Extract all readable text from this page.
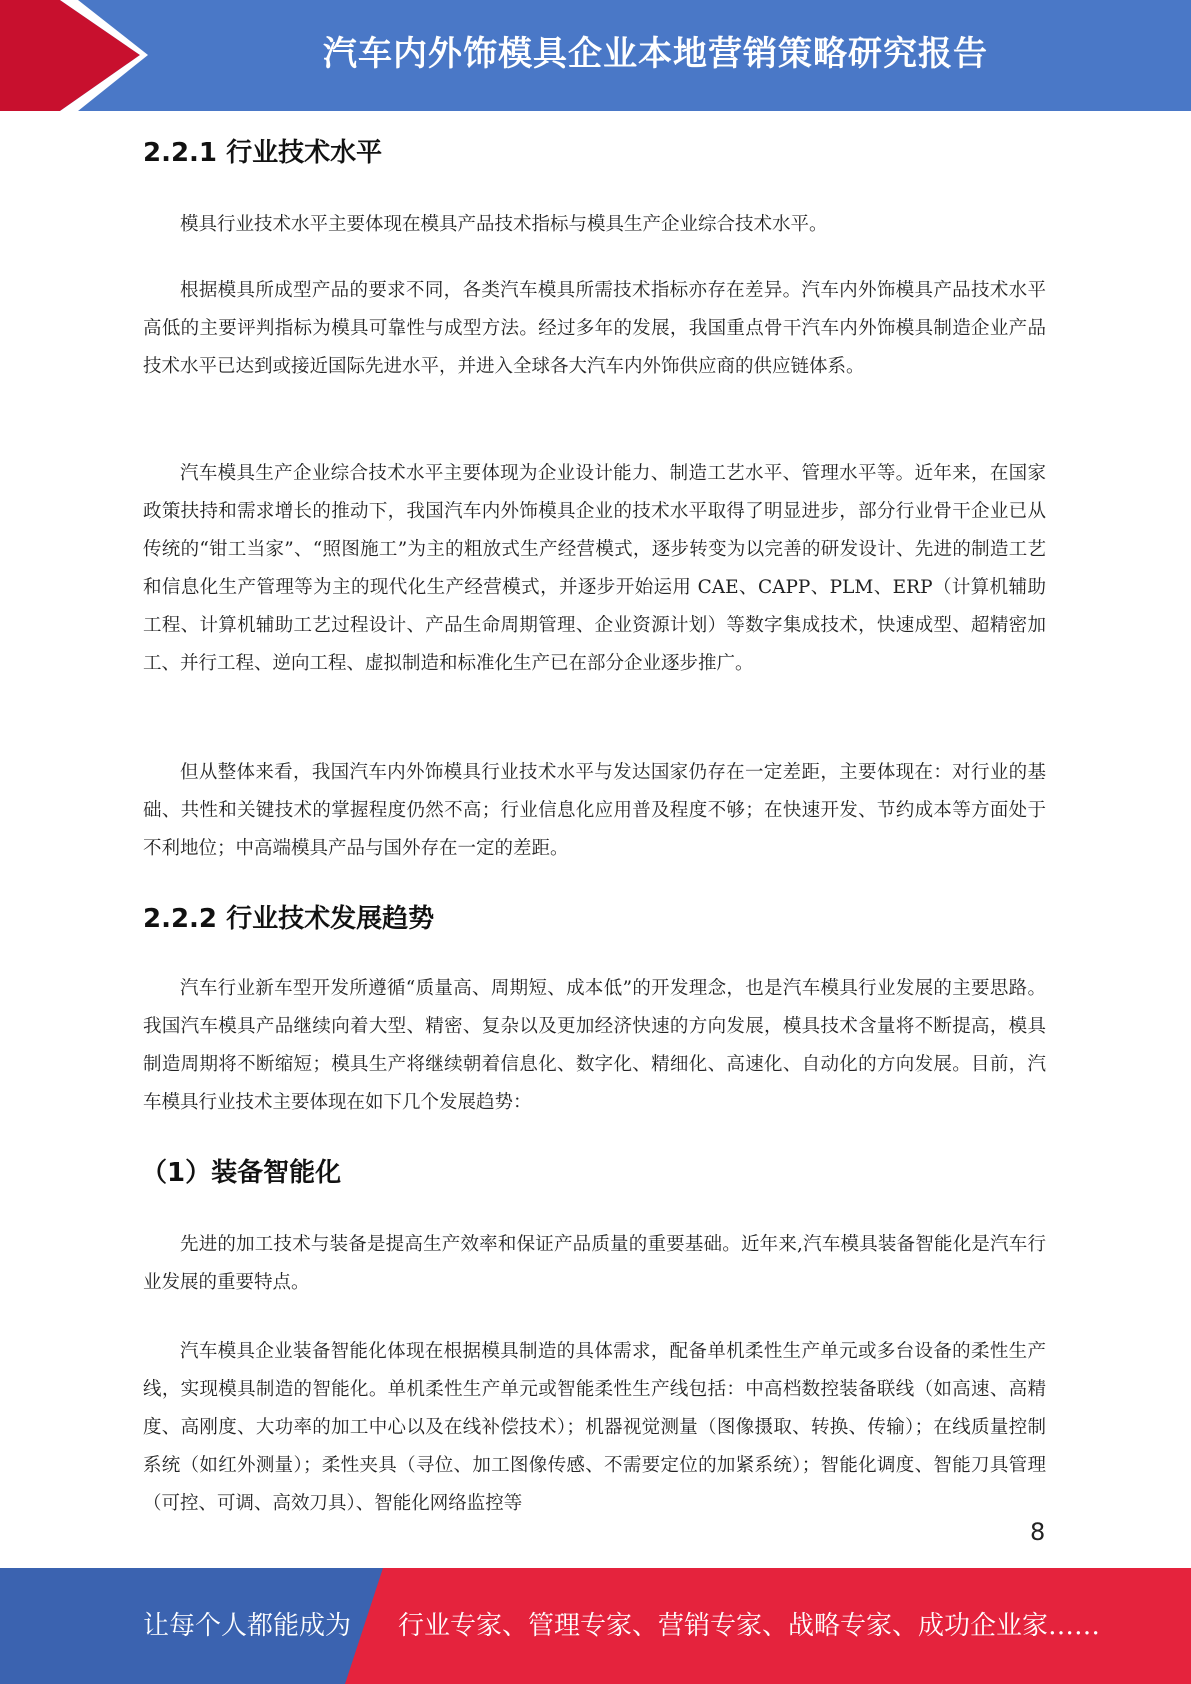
汽车内外饰模具企业本地营销策略研究报告
2.2.1 行业技术水平

模具行业技术水平主要体现在模具产品技术指标与模具生产企业综合技术水平。

根据模具所成型产品的要求不同，各类汽车模具所需技术指标亦存在差异。汽车内外饰模具产品技术水平高低的主要评判指标为模具可靠性与成型方法。经过多年的发展，我国重点骨干汽车内外饰模具制造企业产品技术水平已达到或接近国际先进水平，并进入全球各大汽车内外饰供应商的供应链体系。

汽车模具生产企业综合技术水平主要体现为企业设计能力、制造工艺水平、管理水平等。近年来，在国家政策扶持和需求增长的推动下，我国汽车内外饰模具企业的技术水平取得了明显进步，部分行业骨干企业已从传统的“钳工当家”、“照图施工”为主的粗放式生产经营模式，逐步转变为以完善的研发设计、先进的制造工艺和信息化生产管理等为主的现代化生产经营模式，并逐步开始运用 CAE、CAPP、PLM、ERP（计算机辅助工程、计算机辅助工艺过程设计、产品生命周期管理、企业资源计划）等数字集成技术，快速成型、超精密加工、并行工程、逆向工程、虚拟制造和标准化生产已在部分企业逐步推广。

但从整体来看，我国汽车内外饰模具行业技术水平与发达国家仍存在一定差距，主要体现在：对行业的基础、共性和关键技术的掌握程度仍然不高；行业信息化应用普及程度不够；在快速开发、节约成本等方面处于不利地位；中高端模具产品与国外存在一定的差距。

2.2.2 行业技术发展趋势

汽车行业新车型开发所遵循“质量高、周期短、成本低”的开发理念，也是汽车模具行业发展的主要思路。我国汽车模具产品继续向着大型、精密、复杂以及更加经济快速的方向发展，模具技术含量将不断提高，模具制造周期将不断缩短；模具生产将继续朝着信息化、数字化、精细化、高速化、自动化的方向发展。目前，汽车模具行业技术主要体现在如下几个发展趋势：

（1）装备智能化

先进的加工技术与装备是提高生产效率和保证产品质量的重要基础。近年来,汽车模具装备智能化是汽车行业发展的重要特点。

汽车模具企业装备智能化体现在根据模具制造的具体需求，配备单机柔性生产单元或多台设备的柔性生产线，实现模具制造的智能化。单机柔性生产单元或智能柔性生产线包括：中高档数控装备联线（如高速、高精度、高刚度、大功率的加工中心以及在线补偿技术）；机器视觉测量（图像摄取、转换、传输）；在线质量控制系统（如红外测量）；柔性夹具（寻位、加工图像传感、不需要定位的加紧系统）；智能化调度、智能刀具管理（可控、可调、高效刀具）、智能化网络监控等

8
让每个人都能成为 行业专家、管理专家、营销专家、战略专家、成功企业家……
